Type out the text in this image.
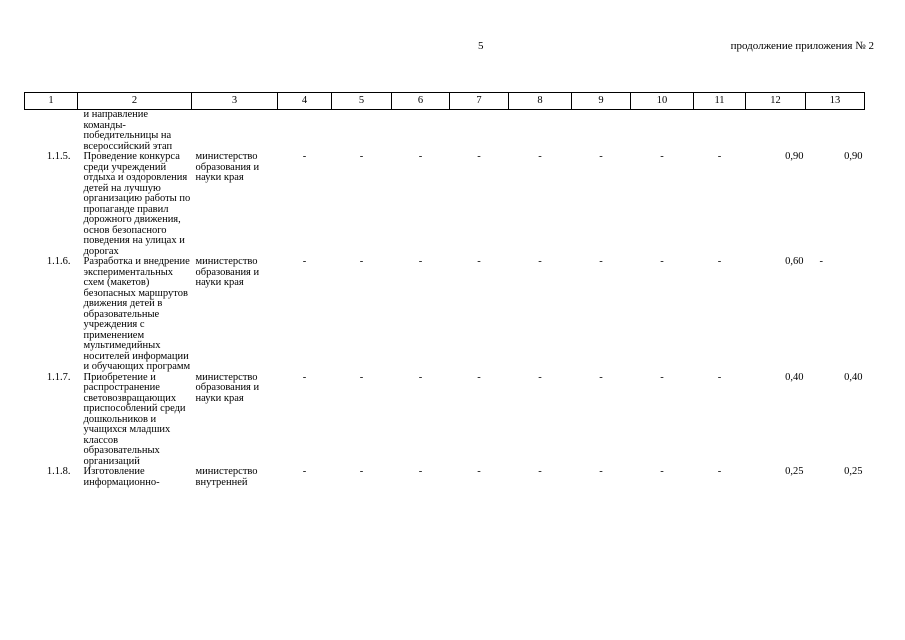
5	продолжение приложения № 2
1	2	3	4	5	6	7	8	9	10	11	12	13
	и направление команды-победительницы на всероссийский этап											
1.1.5.	Проведение конкурса среди учреждений отдыха и оздоровления детей на лучшую организацию работы по пропаганде правил дорожного движения, основ безопасного поведения на улицах и дорогах	министерство образования и науки края	-	-	-	-	-	-	-	-	0,90	0,90
1.1.6.	Разработка и внедрение экспериментальных схем (макетов) безопасных маршрутов движения детей в образовательные учреждения с применением мультимедийных носителей информации и обучающих программ	министерство образования и науки края	-	-	-	-	-	-	-	-	0,60	-
1.1.7.	Приобретение и распространение световозвращающих приспособлений среди дошкольников и учащихся младших классов образовательных организаций	министерство образования и науки края	-	-	-	-	-	-	-	-	0,40	0,40
1.1.8.	Изготовление информационно-	министерство внутренней	-	-	-	-	-	-	-	-	0,25	0,25
